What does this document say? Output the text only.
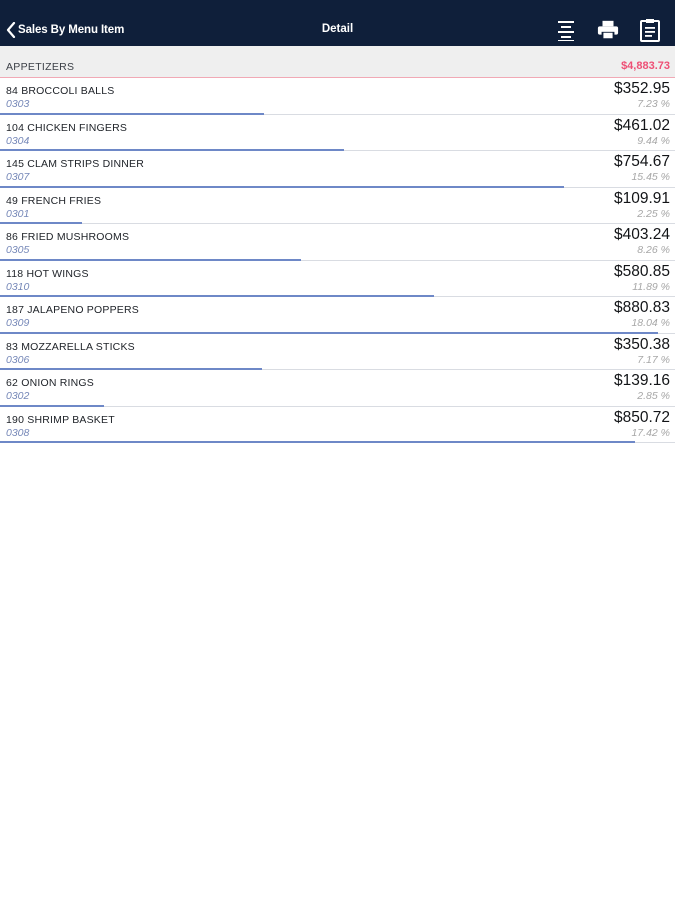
Sales By Menu Item	Detail
APPETIZERS	$4,883.73
84 BROCCOLI BALLS
0303
$352.95
7.23 %
104 CHICKEN FINGERS
0304
$461.02
9.44 %
145 CLAM STRIPS DINNER
0307
$754.67
15.45 %
49 FRENCH FRIES
0301
$109.91
2.25 %
86 FRIED MUSHROOMS
0305
$403.24
8.26 %
118 HOT WINGS
0310
$580.85
11.89 %
187 JALAPENO POPPERS
0309
$880.83
18.04 %
83 MOZZARELLA STICKS
0306
$350.38
7.17 %
62 ONION RINGS
0302
$139.16
2.85 %
190 SHRIMP BASKET
0308
$850.72
17.42 %
